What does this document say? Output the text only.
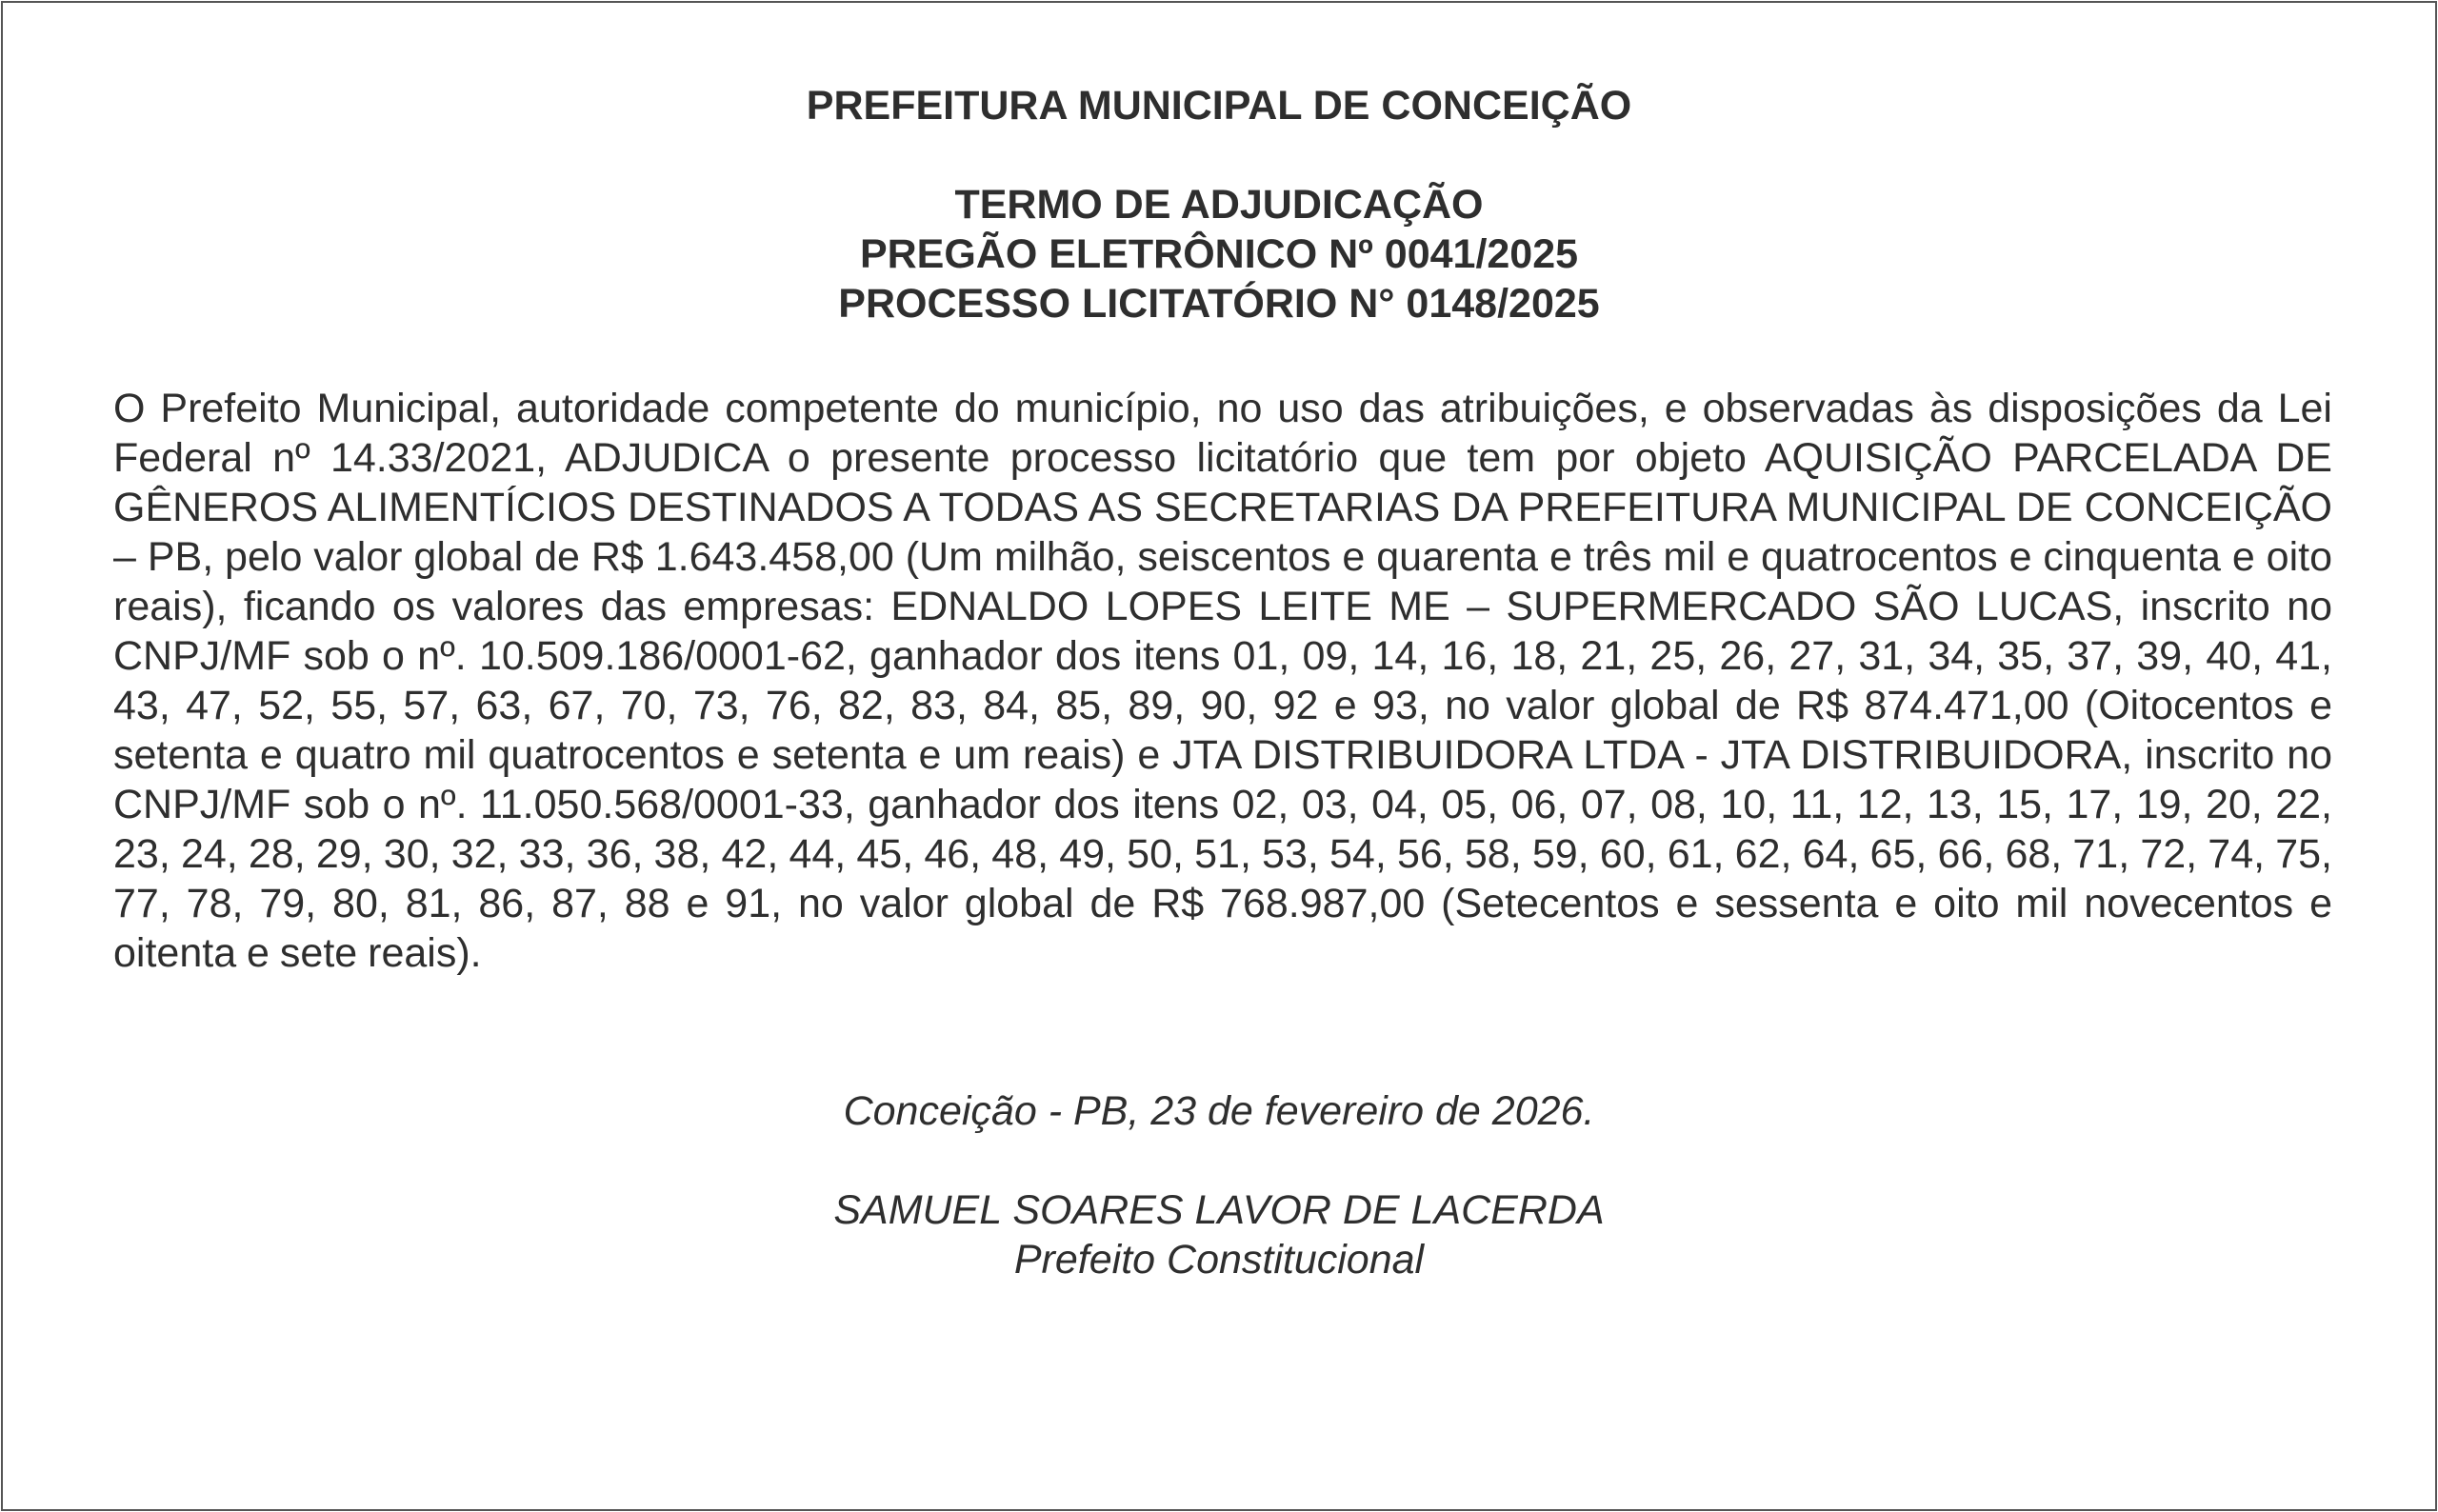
PREFEITURA MUNICIPAL DE CONCEIÇÃO
TERMO DE ADJUDICAÇÃO
PREGÃO ELETRÔNICO Nº 0041/2025
PROCESSO LICITATÓRIO N° 0148/2025
O Prefeito Municipal, autoridade competente do município, no uso das atribuições, e observadas às disposições da Lei Federal nº 14.33/2021, ADJUDICA o presente processo licitatório que tem por objeto AQUISIÇÃO PARCELADA DE GÊNEROS ALIMENTÍCIOS DESTINADOS A TODAS AS SECRETARIAS DA PREFEITURA MUNICIPAL DE CONCEIÇÃO – PB, pelo valor global de R$ 1.643.458,00 (Um milhão, seiscentos e quarenta e três mil e quatrocentos e cinquenta e oito reais), ficando os valores das empresas: EDNALDO LOPES LEITE ME – SUPERMERCADO SÃO LUCAS, inscrito no CNPJ/MF sob o nº. 10.509.186/0001-62, ganhador dos itens 01, 09, 14, 16, 18, 21, 25, 26, 27, 31, 34, 35, 37, 39, 40, 41, 43, 47, 52, 55, 57, 63, 67, 70, 73, 76, 82, 83, 84, 85, 89, 90, 92 e 93, no valor global de R$ 874.471,00 (Oitocentos e setenta e quatro mil quatrocentos e setenta e um reais) e JTA DISTRIBUIDORA LTDA - JTA DISTRIBUIDORA, inscrito no CNPJ/MF sob o nº. 11.050.568/0001-33, ganhador dos itens 02, 03, 04, 05, 06, 07, 08, 10, 11, 12, 13, 15, 17, 19, 20, 22, 23, 24, 28, 29, 30, 32, 33, 36, 38, 42, 44, 45, 46, 48, 49, 50, 51, 53, 54, 56, 58, 59, 60, 61, 62, 64, 65, 66, 68, 71, 72, 74, 75, 77, 78, 79, 80, 81, 86, 87, 88 e 91, no valor global de R$ 768.987,00 (Setecentos e sessenta e oito mil novecentos e oitenta e sete reais).
Conceição - PB, 23 de fevereiro de 2026.
SAMUEL SOARES LAVOR DE LACERDA
Prefeito Constitucional
